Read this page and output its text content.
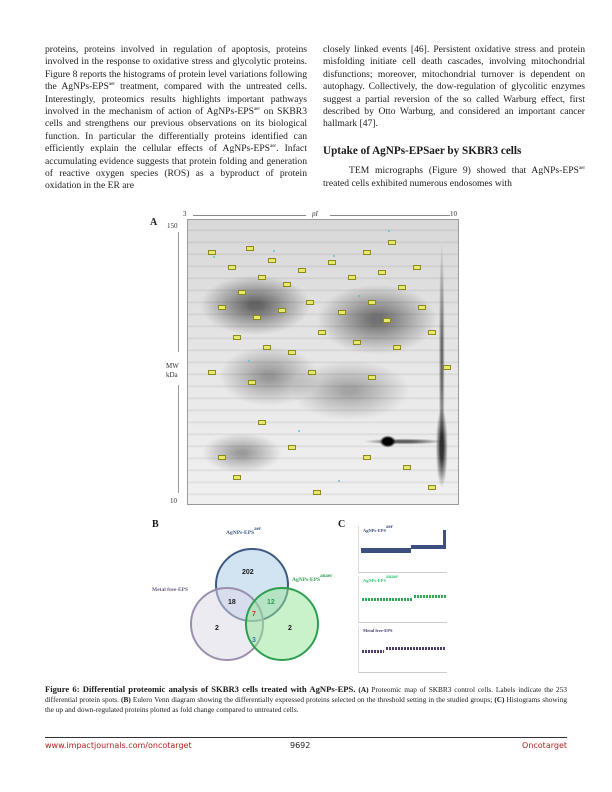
proteins, proteins involved in regulation of apoptosis, proteins involved in the response to oxidative stress and glycolytic proteins. Figure 8 reports the histograms of protein level variations following the AgNPs-$EPS^{aer}$ treatment, compared with the untreated cells. Interestingly, proteomics results highlights important pathways involved in the mechanism of action of AgNPs-$EPS^{aer}$ on SKBR3 cells and strengthens our previous observations on its biological function. In particular the differentially proteins identified can efficiently explain the cellular effects of AgNPs-$EPS^{aer}$. Infact accumulating evidence suggests that protein folding and generation of reactive oxygen species (ROS) as a byproduct of protein oxidation in the ER are

closely linked events [46]. Persistent oxidative stress and protein misfolding initiate cell death cascades, involving mitochondrial disfunctions; moreover, mitochondrial turnover is dependent on autophagy. Collectively, the dow-regulation of glycolitic enzymes suggest a partial reversion of the so called Warburg effect, first described by Otto Warburg, and considered an important cancer hallmark [47].

Uptake of AgNPs-EPSaer by SKBR3 cells

TEM micrographs (Figure 9) showed that AgNPs-$EPS^{aer}$ treated cells exhibited numerous endosomes with

A
3	pI	10
150
MW
kDa
10
B
AgNPs-$EPS^{aer}$
AgNPs-$EPS^{anaer}$
Metal free-EPS
202
18	12
7
2
3
2
C
AgNPs-$EPS^{aer}$
AgNPs-$EPS^{anaer}$
Metal free-EPS
Figure 6: Differential proteomic analysis of SKBR3 cells treated with AgNPs-EPS. (A) Proteomic map of SKBR3 control cells. Labels indicate the 253 differential protein spots. (B) Eulero Venn diagram showing the differentially expressed proteins selected on the threshold setting in the studied groups; (C) Histograms showing the up and down-regulated proteins plotted as fold change compared to untreated cells.
www.impactjournals.com/oncotarget	9692	Oncotarget
